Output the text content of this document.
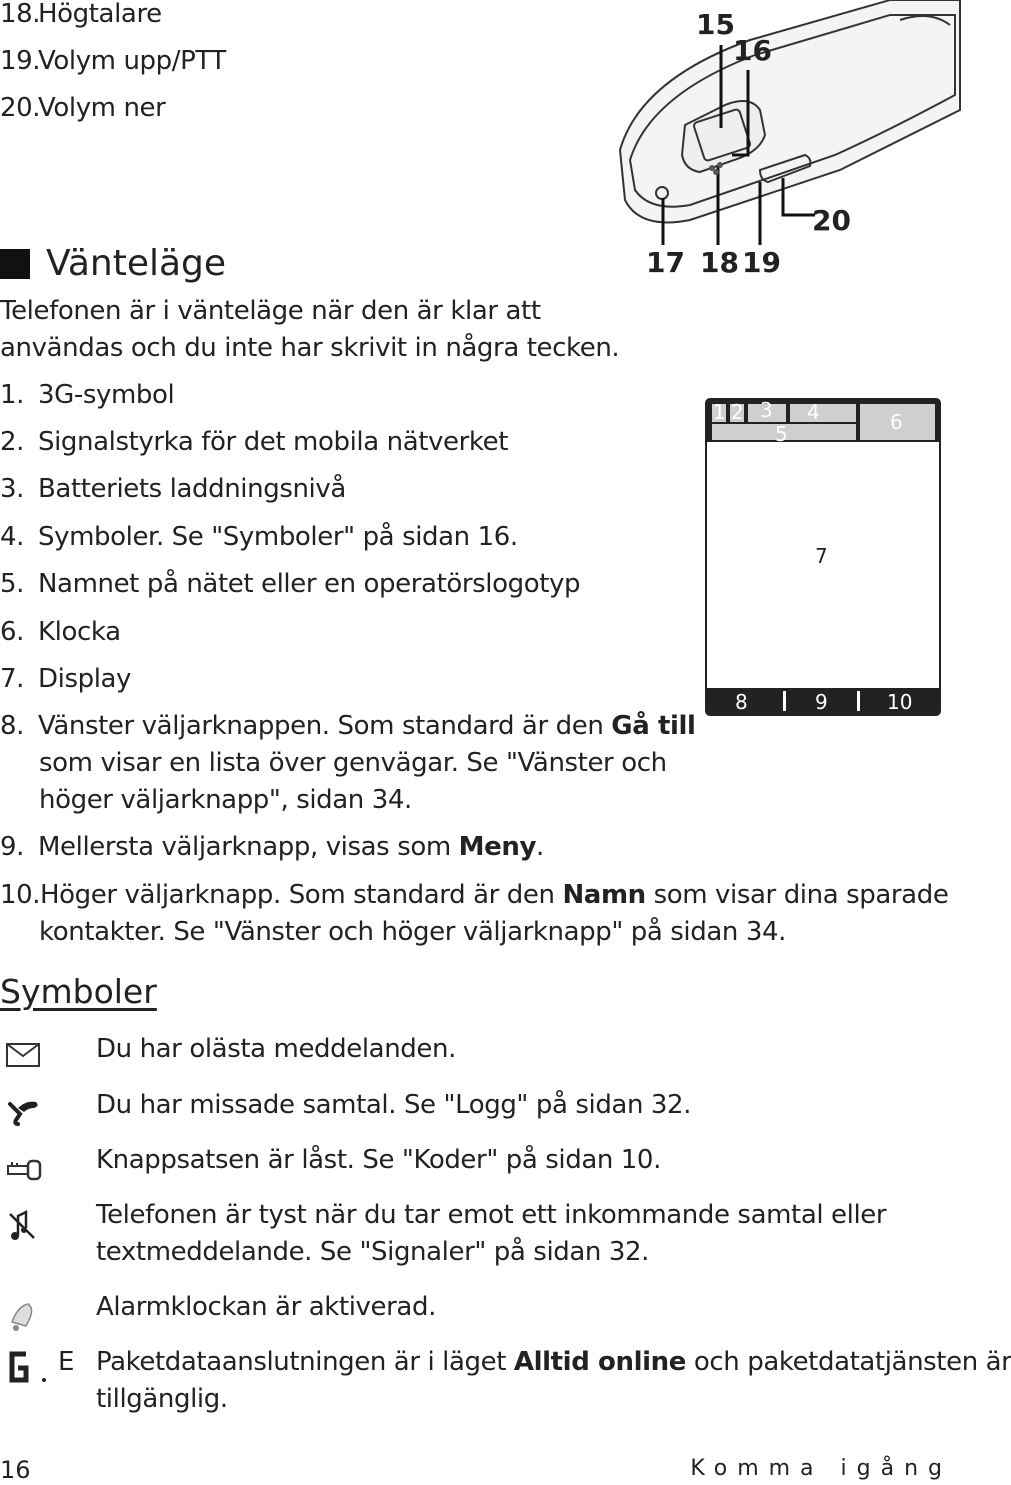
18.Högtalare
19.Volym upp/PTT
20.Volym ner
15
16
17 18 19
20
Vänteläge
Telefonen är i vänteläge när den är klar att
användas och du inte har skrivit in några tecken.
1. 3G-symbol
2. Signalstyrka för det mobila nätverket
3. Batteriets laddningsnivå
4. Symboler. Se "Symboler" på sidan 16.
5. Namnet på nätet eller en operatörslogotyp
6. Klocka
7. Display
8. Vänster väljarknappen. Som standard är den Gå till
som visar en lista över genvägar. Se "Vänster och
höger väljarknapp", sidan 34.
9. Mellersta väljarknapp, visas som Meny.
10.Höger väljarknapp. Som standard är den Namn som visar dina sparade
kontakter. Se "Vänster och höger väljarknapp" på sidan 34.
1 2 3 4
5	6
7
8	9	10
Symboler
Du har olästa meddelanden.
Du har missade samtal. Se "Logg" på sidan 32.
Knappsatsen är låst. Se "Koder" på sidan 10.
Telefonen är tyst när du tar emot ett inkommande samtal eller
textmeddelande. Se "Signaler" på sidan 32.
Alarmklockan är aktiverad.
E Paketdataanslutningen är i läget Alltid online och paketdatatjänsten är
tillgänglig.
16	Komma igång
